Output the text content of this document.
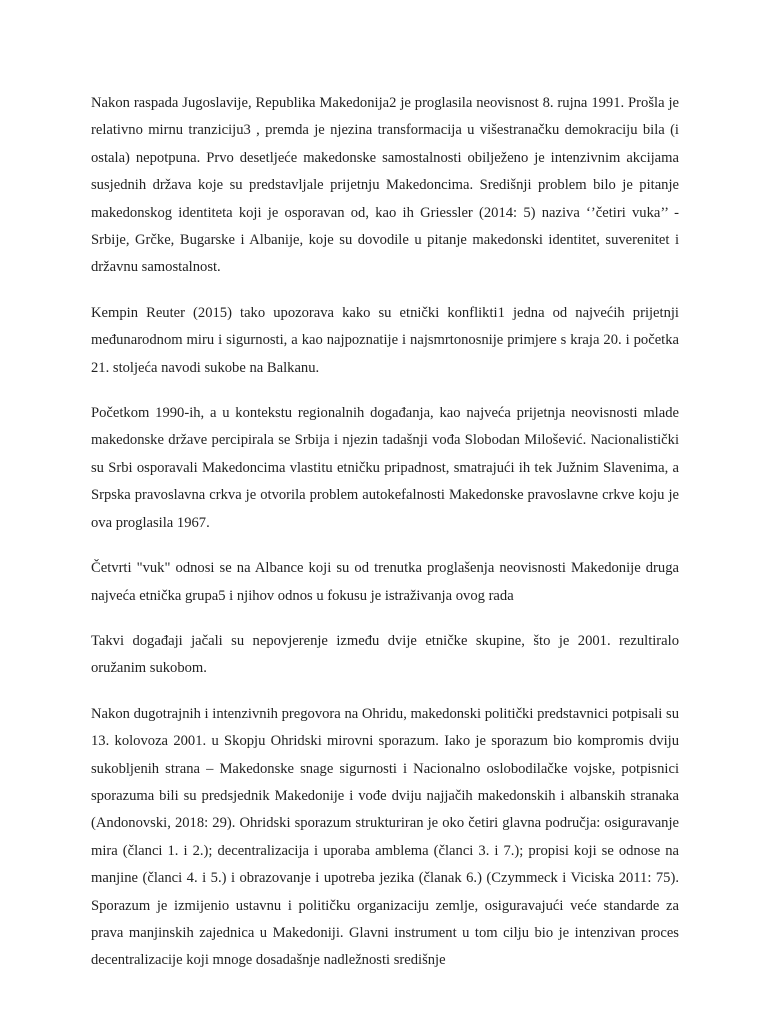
Nakon raspada Jugoslavije, Republika Makedonija2 je proglasila neovisnost 8. rujna 1991. Prošla je relativno mirnu tranziciju3 , premda je njezina transformacija u višestranačku demokraciju bila (i ostala) nepotpuna. Prvo desetljeće makedonske samostalnosti obilježeno je intenzivnim akcijama susjednih država koje su predstavljale prijetnju Makedoncima. Središnji problem bilo je pitanje makedonskog identiteta koji je osporavan od, kao ih Griessler (2014: 5) naziva ‘’četiri vuka’’ - Srbije, Grčke, Bugarske i Albanije, koje su dovodile u pitanje makedonski identitet, suverenitet i državnu samostalnost.

Kempin Reuter (2015) tako upozorava kako su etnički konflikti1 jedna od najvećih prijetnji međunarodnom miru i sigurnosti, a kao najpoznatije i najsmrtonosnije primjere s kraja 20. i početka 21. stoljeća navodi sukobe na Balkanu.

Početkom 1990-ih, a u kontekstu regionalnih događanja, kao najveća prijetnja neovisnosti mlade makedonske države percipirala se Srbija i njezin tadašnji vođa Slobodan Milošević. Nacionalistički su Srbi osporavali Makedoncima vlastitu etničku pripadnost, smatrajući ih tek Južnim Slavenima, a Srpska pravoslavna crkva je otvorila problem autokefalnosti Makedonske pravoslavne crkve koju je ova proglasila 1967.

Četvrti "vuk" odnosi se na Albance koji su od trenutka proglašenja neovisnosti Makedonije druga najveća etnička grupa5 i njihov odnos u fokusu je istraživanja ovog rada

Takvi događaji jačali su nepovjerenje između dvije etničke skupine, što je 2001. rezultiralo oružanim sukobom.

Nakon dugotrajnih i intenzivnih pregovora na Ohridu, makedonski politički predstavnici potpisali su 13. kolovoza 2001. u Skopju Ohridski mirovni sporazum. Iako je sporazum bio kompromis dviju sukobljenih strana – Makedonske snage sigurnosti i Nacionalno oslobodilačke vojske, potpisnici sporazuma bili su predsjednik Makedonije i vođe dviju najjačih makedonskih i albanskih stranaka (Andonovski, 2018: 29). Ohridski sporazum strukturiran je oko četiri glavna područja: osiguravanje mira (članci 1. i 2.); decentralizacija i uporaba amblema (članci 3. i 7.); propisi koji se odnose na manjine (članci 4. i 5.) i obrazovanje i upotreba jezika (članak 6.) (Czymmeck i Viciska 2011: 75). Sporazum je izmijenio ustavnu i političku organizaciju zemlje, osiguravajući veće standarde za prava manjinskih zajednica u Makedoniji. Glavni instrument u tom cilju bio je intenzivan proces decentralizacije koji mnoge dosadašnje nadležnosti središnje
